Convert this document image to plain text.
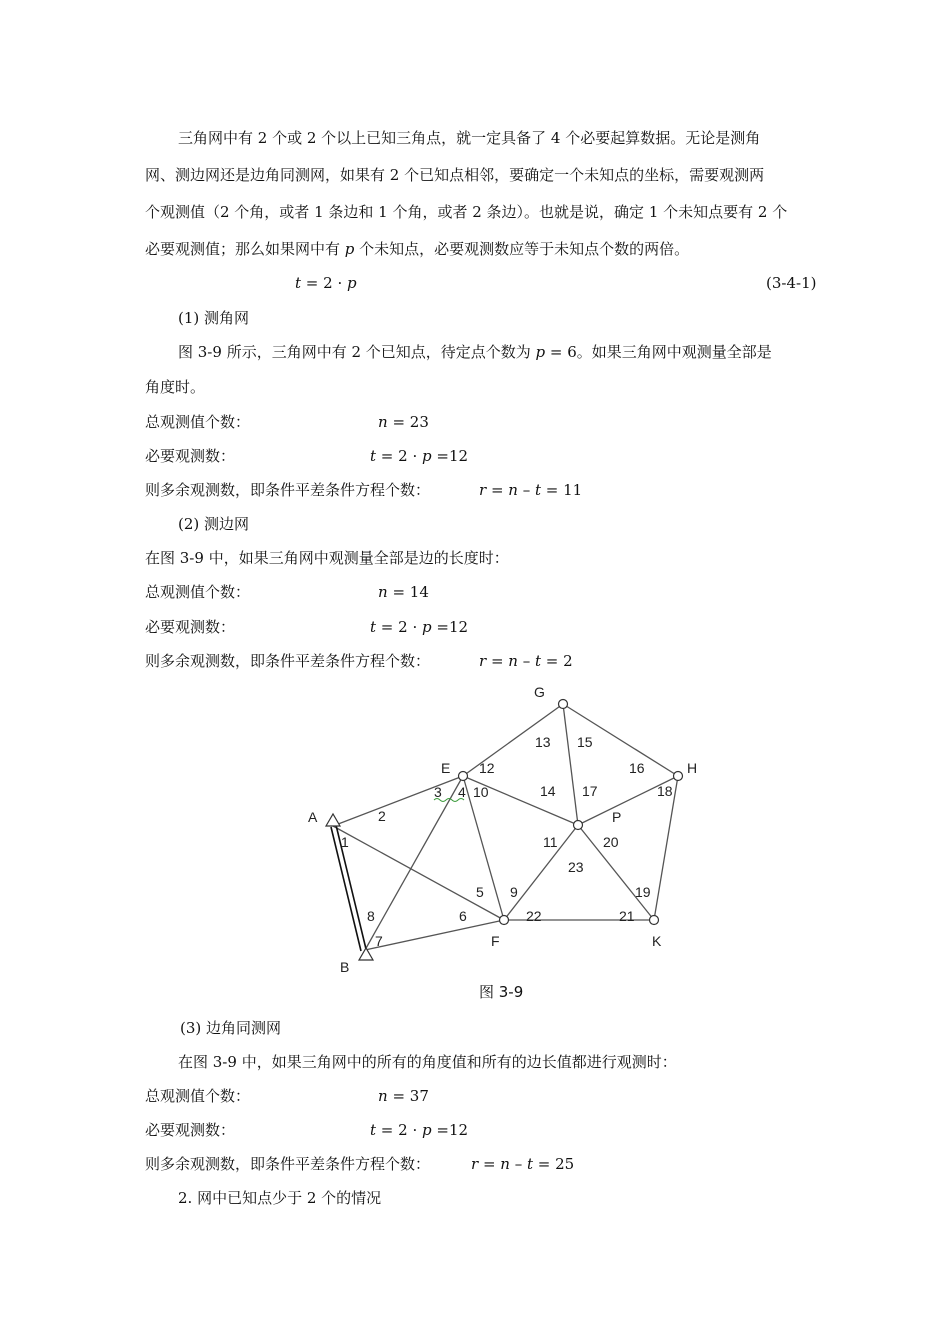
三角网中有 2 个或 2 个以上已知三角点，就一定具备了 4 个必要起算数据。无论是测角
网、测边网还是边角同测网，如果有 2 个已知点相邻，要确定一个未知点的坐标，需要观测两
个观测值（2 个角，或者 1 条边和 1 个角，或者 2 条边）。也就是说，确定 1 个未知点要有 2 个
必要观测值；那么如果网中有 p 个未知点，必要观测数应等于未知点个数的两倍。
t = 2 · p	(3-4-1)
(1) 测角网
图 3-9 所示，三角网中有 2 个已知点，待定点个数为 p = 6。如果三角网中观测量全部是
角度时。
总观测值个数：	n = 23
必要观测数：	t = 2 · p =12
则多余观测数，即条件平差条件方程个数：	r = n – t = 11
(2) 测边网
在图 3-9 中，如果三角网中观测量全部是边的长度时：
总观测值个数：	n = 14
必要观测数：	t = 2 · p =12
则多余观测数，即条件平差条件方程个数：	r = n – t = 2
A
B
E
F
G
H
K
P
1
2
3 4
5
6
7
8
9
10
11
12
13
14
15
16
17	18
19
20
21
22
23
图 3-9
(3) 边角同测网
在图 3-9 中，如果三角网中的所有的角度值和所有的边长值都进行观测时：
总观测值个数：	n = 37
必要观测数：	t = 2 · p =12
则多余观测数，即条件平差条件方程个数：	r = n – t = 25
2. 网中已知点少于 2 个的情况
